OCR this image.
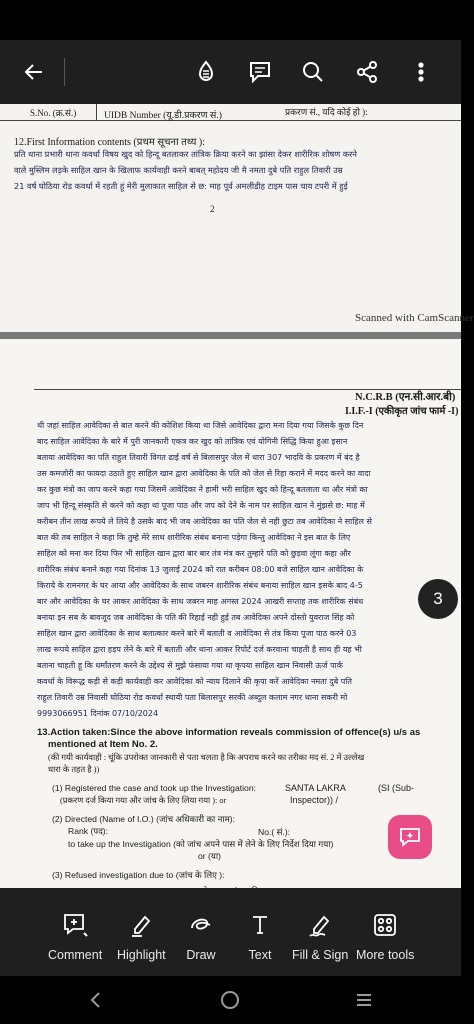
S.No. (क्र.सं.)	UIDB Number (यू.डी.प्रकरण सं.)	प्रकरण सं., यदि कोई हो ):
12.First Information contents (प्रथम सूचना तथ्य ):
प्रति थाना प्रभारी थाना कवर्धा विषय खुद को हिन्दू बतलाकर तांत्रिक क्रिया करने का झांसा देकर शारीरिक शोषण करने
वाले मुस्लिम लड़के साहिल खान के खिलाफ कार्यवाही करने बाबत् महोदय जी मै नमता दुबे पति राहुल तिवारी उम्र
21 वर्ष घोठिया रोड कवर्धा में रहती हूं मेरी मुलाकात साहिल से छ: माह पूर्व अमलीडीह टाइम पास चाय टपरी में हुई
2
Scanned with CamScanner
N.C.R.B (एन.सी.आर.बी)
I.I.F.-I (एकीकृत जांच फार्म -I)
थी जहां साहिल आवेदिका से बात करने की कोशिश किया था जिसे आवेदिका द्वारा मना दिया गया जिसके कुछ दिन
बाद साहिल आवेदिका के बारे में पुरी जानकारी एकत्र कर खुद को तांत्रिक एवं योगिनी सिद्धि किया हुआ इसान
बताया आवेदिका का पति राहुल तिवारी विगत ढाई वर्ष से बिलासपुर जेल में धारा 307 भादवि के प्रकरण में बंद है
उस कमजोरी का फायदा उठाते हुए साहिल खान द्वारा आवेदिका के पति को जेल से रिहा कराने में मदद करने का वादा
कर कुछ मंत्रो का जाप करने कहा गया जिसमें आवेदिका ने हामी भरी साहिल खुद को हिन्दू बतलाता था और मंत्रो का
जाप भी हिन्दू संस्कृति से करने को कहा था पूजा पाठ और जप को देने के नाम पर साहिल खान ने मुंझसे छ: माह में
करीबन तीन लाख रूपये ले लिये है उसके बाद भी जब आवेदिका का पति जेल से नही छुटा तब आवेदिका ने साहिल से
बात की तब साहिल ने कहा कि तुम्हे मेरे साथ शारीरिक संबंध बनाना पड़ेगा किन्तु आवेदिका ने इस बात के लिए
साहिल को मना कर दिया फिर भी साहिल खान द्वारा बार बार तंत्र मंत्र कर तुम्हारे पति को छुड़वा लूंगा कहा और
शारीरिक संबंध बनाने कहा गया दिनांक 13 जुलाई 2024 को रात करीबन 08:00 बजे साहिल खान आवेदिका के
किराये के रामनगर के घर आया और आवेदिका के साथ जबरन शारीरिक संबंध बनाया साहिल खान इसके बाद 4-5
बार और आवेदिका के घर आकर आवेदिका के साथ जबरन माह अगस्त 2024 आखरी सप्ताह तक शारीरिक संबंध
बनाया इन सब के बावजूद जब आवेदिका के पति की रिहाई नही हुई तब आवेदिका अपने दोस्तो युवराज सिंह को
साहिल खान द्वारा आवेदिका के साथ बलात्कार करने बारे में बताती व आवेदिका से तंत्र किया पूजा पाठ करने 03
लाख रूपये साहिल द्वारा हड़प लेने के बारे में बताती और थाना आकर रिपोर्ट दर्ज करवाना चाहती है साथ ही यह भी
बताना चाहती हू कि धर्मांतरण करने के उद्देश्य से मुझे फंसाया गया था कृपया साहिल खान निवासी ऊर्ज पार्क
कवर्धा के विरूद्ध कड़ी से कड़ी कार्यवाही कर आवेदिका को न्याय दिलाने की कृपा करें आवेदिका नमता दुबे पति
राहुल तिवारी उम्र निवासी घोठिया रोड कवर्धा स्थायी पता बिलासपुर सरकी अब्दुल कलाम नगर थाना सकरी मो
9993066951 दिनांक 07/10/2024
13.Action taken:Since the above information reveals commission of offence(s) u/s as
mentioned at Item No. 2.
(की गयी कार्यवाही : चूंकि उपरोक्त जानकारी से पता चलता है कि अपराध करने का तरीका मद सं. 2 में उल्लेख
धारा के तहत है ))
(1) Registered the case and took up the Investigation:
(प्रकरण दर्ज किया गया और जांच के लिए लिया गया ): or
SANTA LAKRA	(SI (Sub-
Inspector)) /
(2) Directed (Name of I.O.) (जांच अधिकारी का नाम):
Rank (पद):	No.( सं.):
to take up the Investigation (को जांच अपने पास में लेने के लिए निर्देश दिया गया)
or (या)
(3) Refused investigation due to (जांच के लिए ):
3
Comment Highlight Draw	Text Fill & Sign More tools
